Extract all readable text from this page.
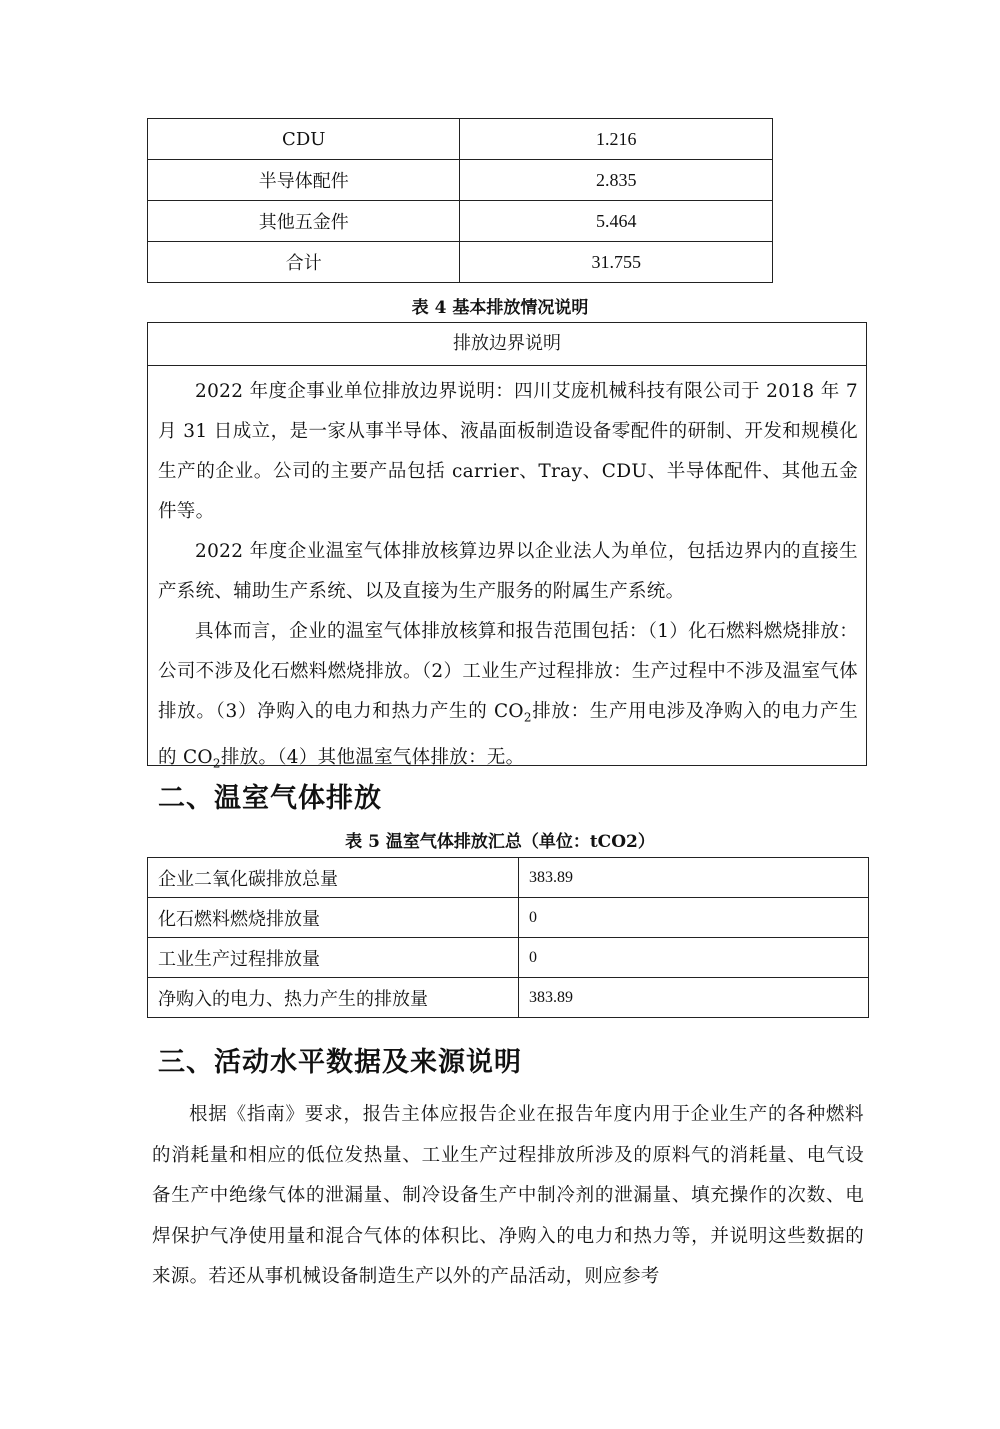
CDU	1.216
半导体配件	2.835
其他五金件	5.464
合计	31.755
表 4 基本排放情况说明
排放边界说明

2022 年度企事业单位排放边界说明：四川艾庞机械科技有限公司于 2018 年 7 月 31 日成立，是一家从事半导体、液晶面板制造设备零配件的研制、开发和规模化生产的企业。公司的主要产品包括 carrier、Tray、CDU、半导体配件、其他五金件等。

2022 年度企业温室气体排放核算边界以企业法人为单位，包括边界内的直接生产系统、辅助生产系统、以及直接为生产服务的附属生产系统。

具体而言，企业的温室气体排放核算和报告范围包括：（1）化石燃料燃烧排放：公司不涉及化石燃料燃烧排放。（2）工业生产过程排放：生产过程中不涉及温室气体排放。（3）净购入的电力和热力产生的 $CO_2$排放：生产用电涉及净购入的电力产生的 $CO_2$排放。（4）其他温室气体排放：无。

二、温室气体排放
表 5 温室气体排放汇总（单位：tCO2）
企业二氧化碳排放总量	383.89
化石燃料燃烧排放量	0
工业生产过程排放量	0
净购入的电力、热力产生的排放量	383.89
三、活动水平数据及来源说明

根据《指南》要求，报告主体应报告企业在报告年度内用于企业生产的各种燃料的消耗量和相应的低位发热量、工业生产过程排放所涉及的原料气的消耗量、电气设备生产中绝缘气体的泄漏量、制冷设备生产中制冷剂的泄漏量、填充操作的次数、电焊保护气净使用量和混合气体的体积比、净购入的电力和热力等，并说明这些数据的来源。若还从事机械设备制造生产以外的产品活动，则应参考
